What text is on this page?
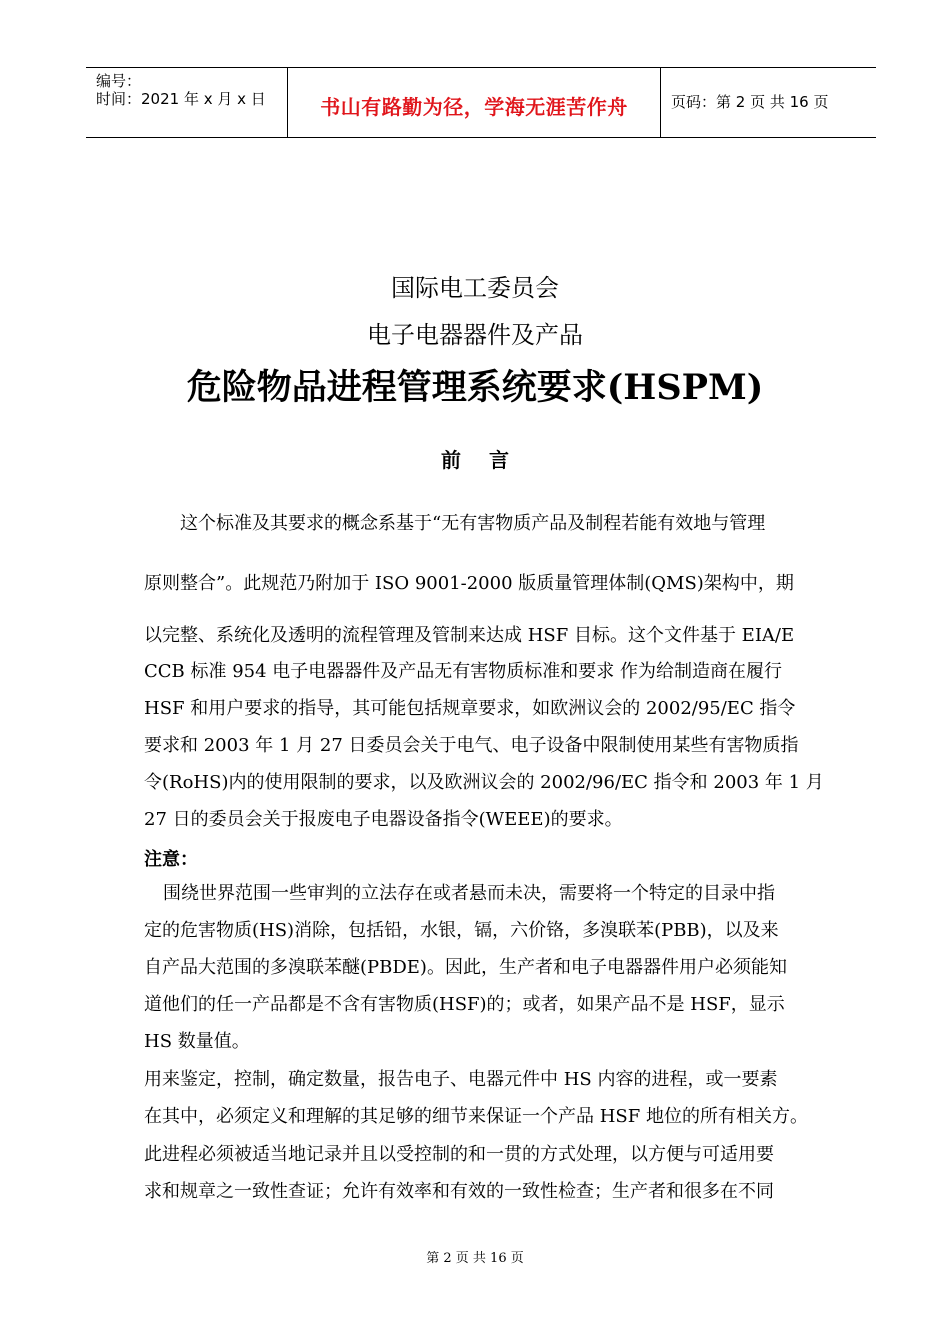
编号：
时间：2021 年 x 月 x 日	书山有路勤为径，学海无涯苦作舟	页码：第 2 页 共 16 页
国际电工委员会
电子电器器件及产品
危险物品进程管理系统要求(HSPM)
前言
这个标准及其要求的概念系基于“无有害物质产品及制程若能有效地与管理
原则整合”。此规范乃附加于 ISO 9001-2000 版质量管理体制(QMS)架构中，期
以完整、系统化及透明的流程管理及管制来达成 HSF 目标。这个文件基于 EIA/E
CCB 标准 954 电子电器器件及产品无有害物质标准和要求 作为给制造商在履行
HSF 和用户要求的指导，其可能包括规章要求，如欧洲议会的 2002/95/EC 指令
要求和 2003 年 1 月 27 日委员会关于电气、电子设备中限制使用某些有害物质指
令(RoHS)内的使用限制的要求，以及欧洲议会的 2002/96/EC 指令和 2003 年 1 月
27 日的委员会关于报废电子电器设备指令(WEEE)的要求。
注意：
围绕世界范围一些审判的立法存在或者悬而未决，需要将一个特定的目录中指
定的危害物质(HS)消除，包括铅，水银，镉，六价铬，多溴联苯(PBB)，以及来
自产品大范围的多溴联苯醚(PBDE)。因此，生产者和电子电器器件用户必须能知
道他们的任一产品都是不含有害物质(HSF)的；或者，如果产品不是 HSF，显示
HS 数量值。
用来鉴定，控制，确定数量，报告电子、电器元件中 HS 内容的进程，或一要素
在其中，必须定义和理解的其足够的细节来保证一个产品 HSF 地位的所有相关方。
此进程必须被适当地记录并且以受控制的和一贯的方式处理，以方便与可适用要
求和规章之一致性查证；允许有效率和有效的一致性检查；生产者和很多在不同
第 2 页 共 16 页
